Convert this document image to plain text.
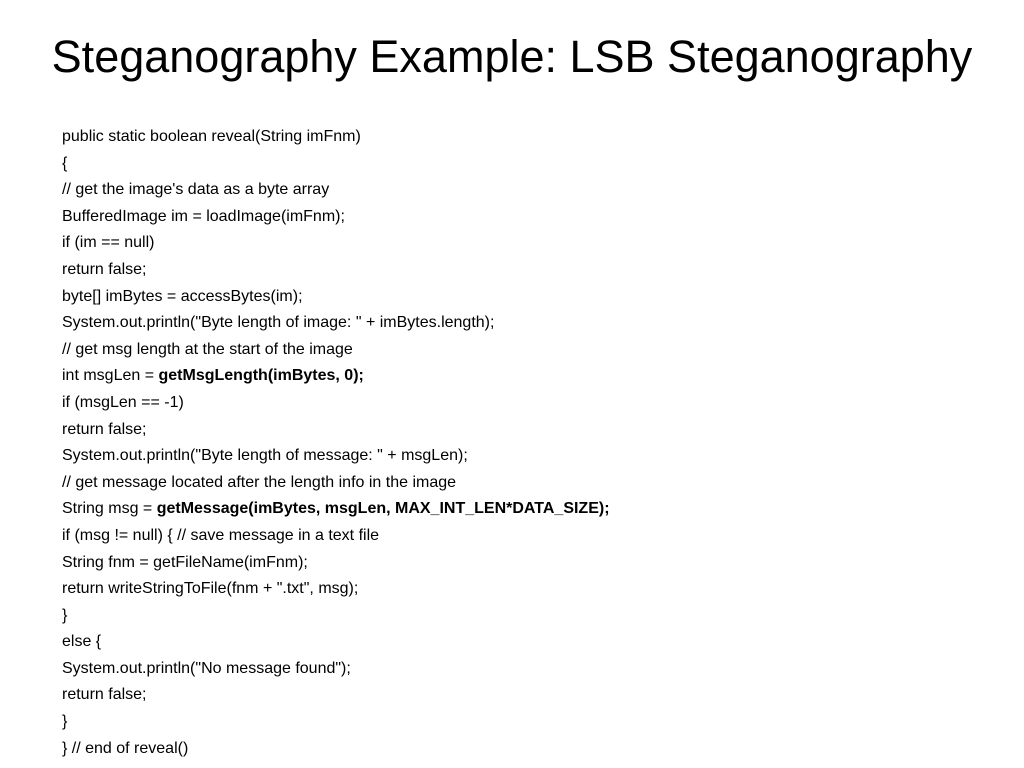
Steganography Example: LSB Steganography
public static boolean reveal(String imFnm)
{
// get the image's data as a byte array
BufferedImage im = loadImage(imFnm);
if (im == null)
return false;
byte[] imBytes = accessBytes(im);
System.out.println("Byte length of image: " + imBytes.length);
// get msg length at the start of the image
int msgLen = getMsgLength(imBytes, 0);
if (msgLen == -1)
return false;
System.out.println("Byte length of message: " + msgLen);
// get message located after the length info in the image
String msg = getMessage(imBytes, msgLen, MAX_INT_LEN*DATA_SIZE);
if (msg != null) { // save message in a text file
String fnm = getFileName(imFnm);
return writeStringToFile(fnm + ".txt", msg);
}
else {
System.out.println("No message found");
return false;
}
} // end of reveal()
